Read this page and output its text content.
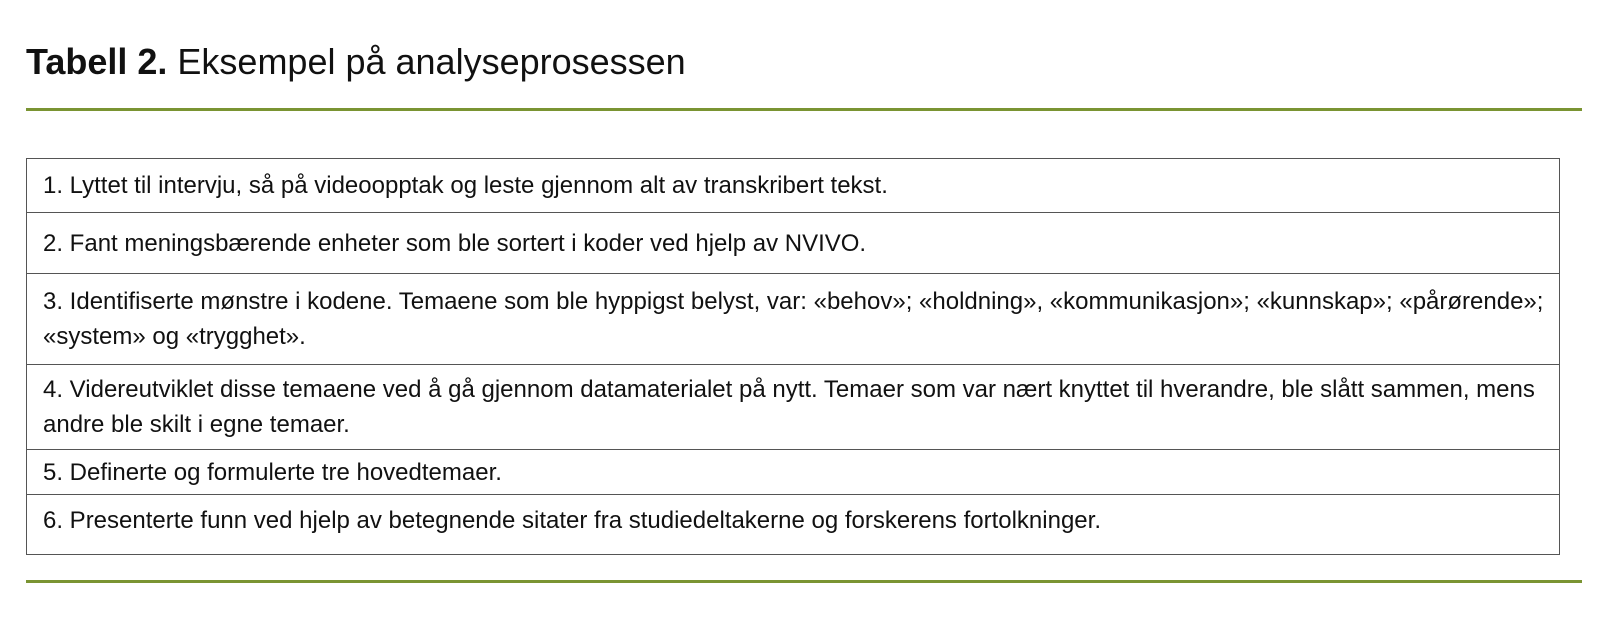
Tabell 2. Eksempel på analyseprosessen
1. Lyttet til intervju, så på videoopptak og leste gjennom alt av transkribert tekst.
2. Fant meningsbærende enheter som ble sortert i koder ved hjelp av NVIVO.
3. Identifiserte mønstre i kodene. Temaene som ble hyppigst belyst, var: «behov»; «holdning», «kommunikasjon»; «kunnskap»; «pårørende»; «system» og «trygghet».
4. Videreutviklet disse temaene ved å gå gjennom datamaterialet på nytt. Temaer som var nært knyttet til hverandre, ble slått sammen, mens andre ble skilt i egne temaer.
5. Definerte og formulerte tre hovedtemaer.
6. Presenterte funn ved hjelp av betegnende sitater fra studiedeltakerne og forskerens fortolkninger.
